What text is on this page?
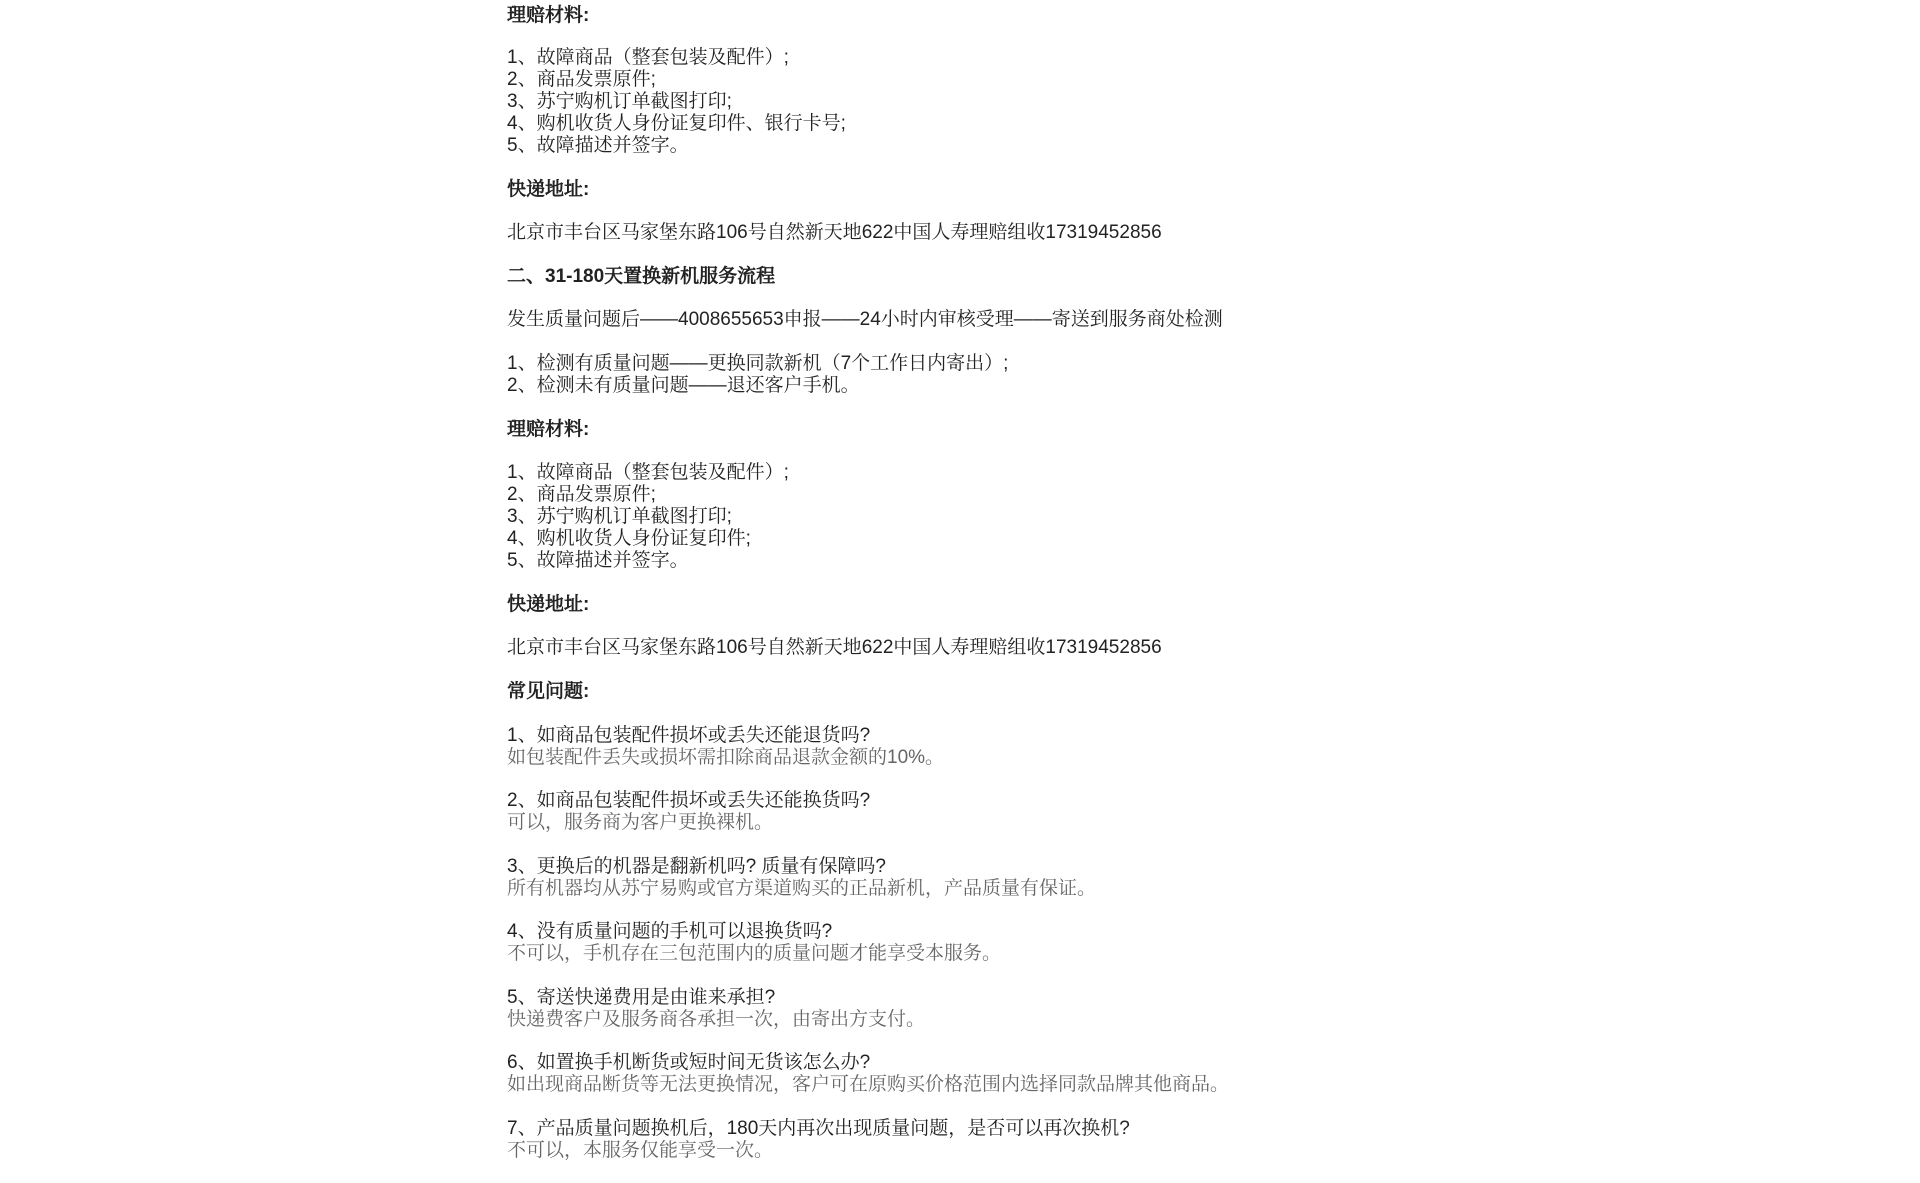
理赔材料:
1、故障商品（整套包装及配件）;
2、商品发票原件;
3、苏宁购机订单截图打印;
4、购机收货人身份证复印件、银行卡号;
5、故障描述并签字。
快递地址:
北京市丰台区马家堡东路106号自然新天地622中国人寿理赔组收17319452856
二、31-180天置换新机服务流程
发生质量问题后——4008655653申报——24小时内审核受理——寄送到服务商处检测
1、检测有质量问题——更换同款新机（7个工作日内寄出）;
2、检测未有质量问题——退还客户手机。
理赔材料:
1、故障商品（整套包装及配件）;
2、商品发票原件;
3、苏宁购机订单截图打印;
4、购机收货人身份证复印件;
5、故障描述并签字。
快递地址:
北京市丰台区马家堡东路106号自然新天地622中国人寿理赔组收17319452856
常见问题:
1、如商品包装配件损坏或丢失还能退货吗?
如包装配件丢失或损坏需扣除商品退款金额的10%。
2、如商品包装配件损坏或丢失还能换货吗?
可以，服务商为客户更换裸机。
3、更换后的机器是翻新机吗? 质量有保障吗?
所有机器均从苏宁易购或官方渠道购买的正品新机，产品质量有保证。
4、没有质量问题的手机可以退换货吗?
不可以，手机存在三包范围内的质量问题才能享受本服务。
5、寄送快递费用是由谁来承担?
快递费客户及服务商各承担一次，由寄出方支付。
6、如置换手机断货或短时间无货该怎么办?
如出现商品断货等无法更换情况，客户可在原购买价格范围内选择同款品牌其他商品。
7、产品质量问题换机后，180天内再次出现质量问题，是否可以再次换机?
不可以，本服务仅能享受一次。
